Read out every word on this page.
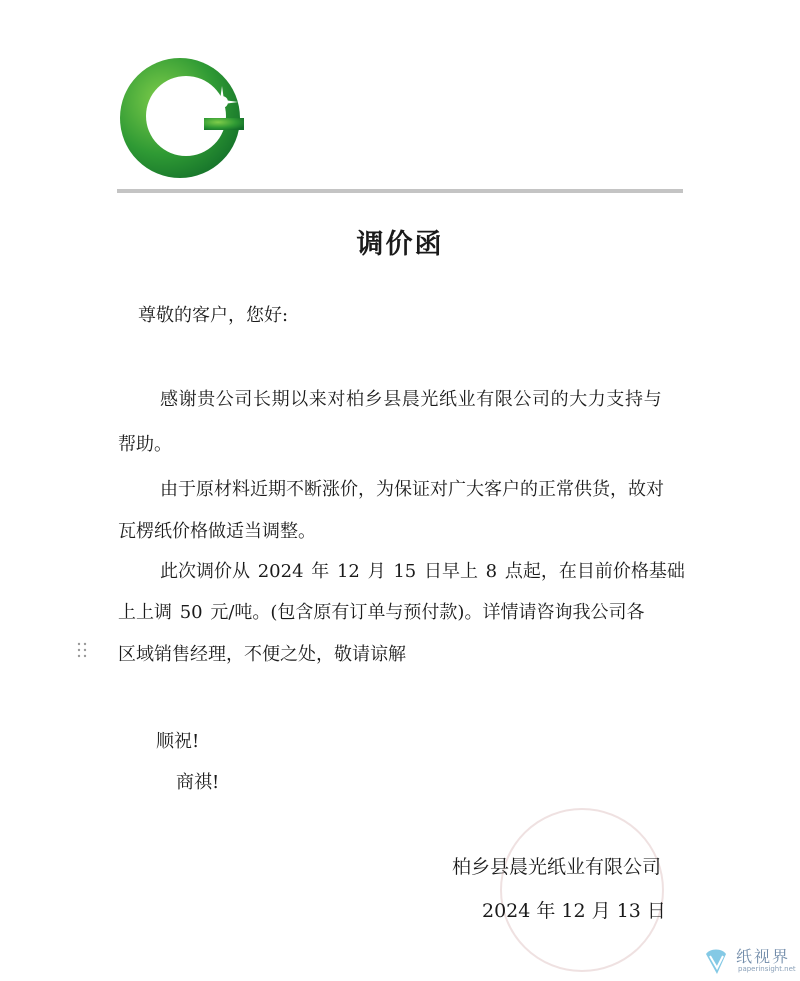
调价函
尊敬的客户，您好:
感谢贵公司长期以来对柏乡县晨光纸业有限公司的大力支持与
帮助。
由于原材料近期不断涨价，为保证对广大客户的正常供货，故对
瓦楞纸价格做适当调整。
此次调价从 2024 年 12 月 15 日早上 8 点起，在目前价格基础
上上调 50 元/吨。(包含原有订单与预付款)。详情请咨询我公司各
区域销售经理，不便之处，敬请谅解
顺祝!
商祺!
柏乡县晨光纸业有限公司
2024 年 12 月 13 日
纸视界
paperinsight.net
